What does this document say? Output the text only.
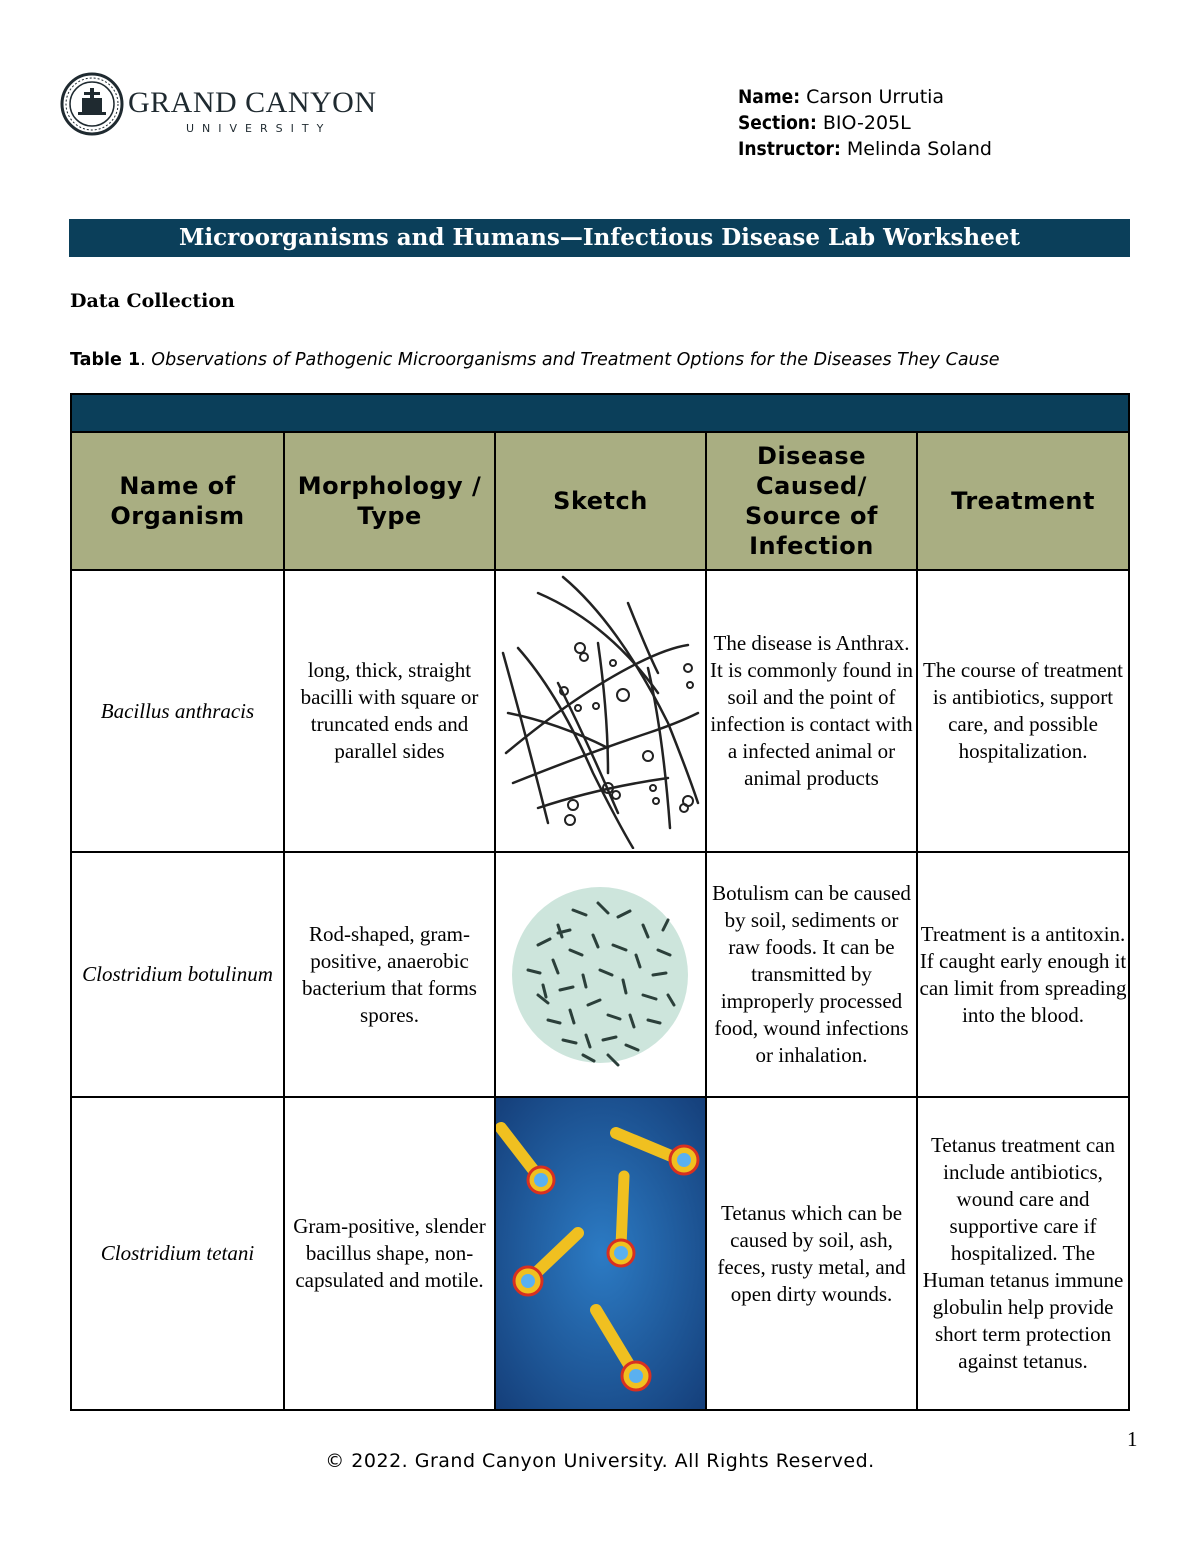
GRAND CANYON
UNIVERSITY
Name: Carson Urrutia
Section: BIO-205L
Instructor: Melinda Soland
Microorganisms and Humans—Infectious Disease Lab Worksheet
Data Collection
Table 1. Observations of Pathogenic Microorganisms and Treatment Options for the Diseases They Cause

Name of Organism	Morphology / Type	Sketch	Disease Caused/ Source of Infection	Treatment
Bacillus anthracis	long, thick, straight bacilli with square or truncated ends and parallel sides		The disease is Anthrax. It is commonly found in soil and the point of infection is contact with a infected animal or animal products	The course of treatment is antibiotics, support care, and possible hospitalization.
Clostridium botulinum	Rod-shaped, gram-positive, anaerobic bacterium that forms spores.		Botulism can be caused by soil, sediments or raw foods. It can be transmitted by improperly processed food, wound infections or inhalation.	Treatment is a antitoxin. If caught early enough it can limit from spreading into the blood.
Clostridium tetani	Gram-positive, slender bacillus shape, non-capsulated and motile.		Tetanus which can be caused by soil, ash, feces, rusty metal, and open dirty wounds.	Tetanus treatment can include antibiotics, wound care and supportive care if hospitalized. The Human tetanus immune globulin help provide short term protection against tetanus.
1
© 2022. Grand Canyon University. All Rights Reserved.
